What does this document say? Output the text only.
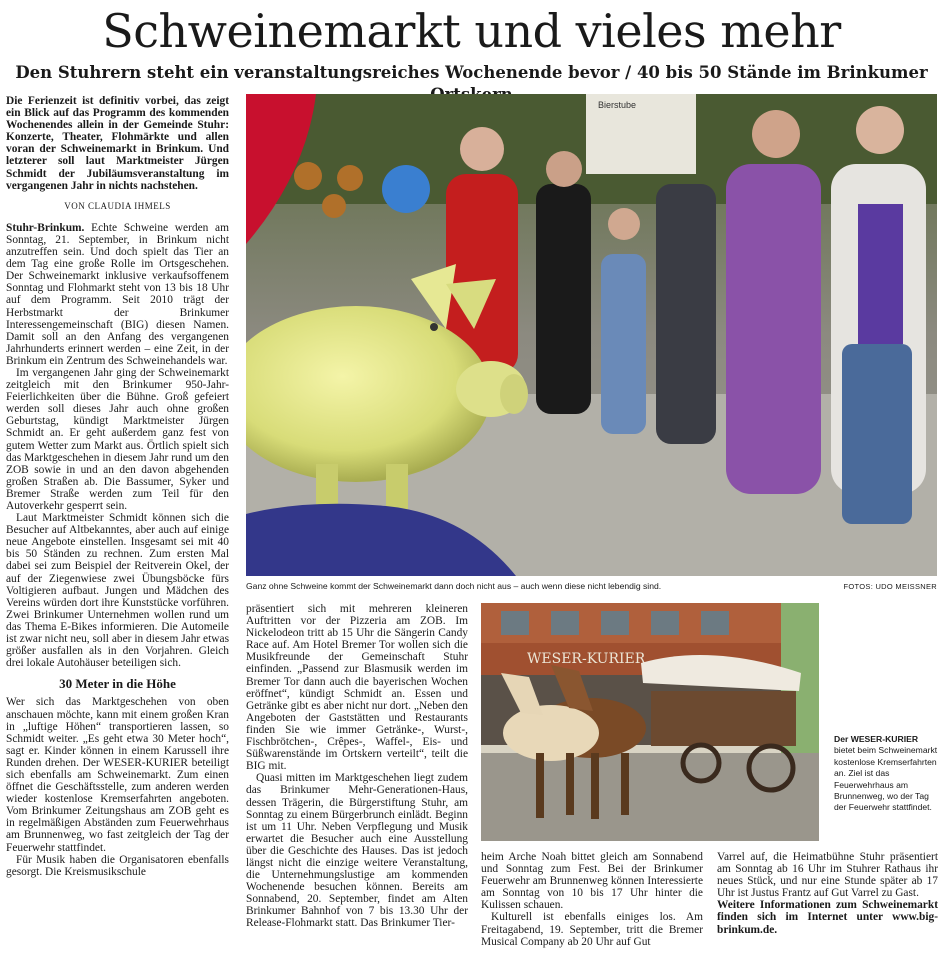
Schweinemarkt und vieles mehr
Den Stuhrern steht ein veranstaltungsreiches Wochenende bevor / 40 bis 50 Stände im Brinkumer

Die Ferienzeit ist definitiv vorbei, das zeigt ein Blick auf das Programm des kommenden Wochenendes allein in der Gemeinde Stuhr: Konzerte, Theater, Flohmärkte und allen voran der Schweinemarkt in Brinkum. Und letzterer soll laut Marktmeister Jürgen Schmidt der Jubiläumsveranstaltung im vergangenen Jahr in nichts nachstehen.

VON CLAUDIA IHMELS

Stuhr-Brinkum. Echte Schweine werden am Sonntag, 21. September, in Brinkum nicht anzutreffen sein. Und doch spielt das Tier an dem Tag eine große Rolle im Ortsgeschehen. Der Schweinemarkt inklusive verkaufsoffenem Sonntag und Flohmarkt steht von 13 bis 18 Uhr auf dem Programm. Seit 2010 trägt der Herbstmarkt der Brinkumer Interessengemeinschaft (BIG) diesen Namen. Damit soll an den Anfang des vergangenen Jahrhunderts erinnert werden – eine Zeit, in der Brinkum ein Zentrum des Schweinehandels war.

Im vergangenen Jahr ging der Schweinemarkt zeitgleich mit den Brinkumer 950-Jahr-Feierlichkeiten über die Bühne. Groß gefeiert werden soll dieses Jahr auch ohne großen Geburtstag, kündigt Marktmeister Jürgen Schmidt an. Er geht außerdem ganz fest von gutem Wetter zum Markt aus. Örtlich spielt sich das Marktgeschehen in diesem Jahr rund um den ZOB sowie in und an den davon abgehenden großen Straßen ab. Die Bassumer, Syker und Bremer Straße werden zum Teil für den Autoverkehr gesperrt sein.

Laut Marktmeister Schmidt können sich die Besucher auf Altbekanntes, aber auch auf einige neue Angebote einstellen. Insgesamt sei mit 40 bis 50 Ständen zu rechnen. Zum ersten Mal dabei sei zum Beispiel der Reitverein Okel, der auf der Ziegenwiese zwei Übungsböcke fürs Voltigieren aufbaut. Jungen und Mädchen des Vereins würden dort ihre Kunststücke vorführen. Zwei Brinkumer Unternehmen wollen rund um das Thema E-Bikes informieren. Die Automeile ist zwar nicht neu, soll aber in diesem Jahr etwas größer ausfallen als in den Vorjahren. Gleich drei lokale Autohäuser beteiligen sich.

30 Meter in die Höhe

Wer sich das Marktgeschehen von oben anschauen möchte, kann mit einem großen Kran in „luftige Höhen“ transportieren lassen, so Schmidt weiter. „Es geht etwa 30 Meter hoch“, sagt er. Kinder können in einem Karussell ihre Runden drehen. Der WESER-KURIER beteiligt sich ebenfalls am Schweinemarkt. Zum einen öffnet die Geschäftsstelle, zum anderen werden wieder kostenlose Kremserfahrten angeboten. Vom Brinkumer Zeitungshaus am ZOB geht es in regelmäßigen Abständen zum Feuerwehrhaus am Brunnenweg, wo fast zeitgleich der Tag der Feuerwehr stattfindet.

Für Musik haben die Organisatoren ebenfalls gesorgt. Die Kreismusikschule

Bierstube

Ganz ohne Schweine kommt der Schweinemarkt dann doch nicht aus – auch wenn diese nicht lebendig sind.	FOTOS: UDO MEISSNER

präsentiert sich mit mehreren kleineren Auftritten vor der Pizzeria am ZOB. Im Nickelodeon tritt ab 15 Uhr die Sängerin Candy Race auf. Am Hotel Bremer Tor wollen sich die Musikfreunde der Gemeinschaft Stuhr einfinden. „Passend zur Blasmusik werden im Bremer Tor dann auch die bayerischen Wochen eröffnet“, kündigt Schmidt an. Essen und Getränke gibt es aber nicht nur dort. „Neben den Angeboten der Gaststätten und Restaurants finden Sie wie immer Getränke-, Wurst-, Fischbrötchen-, Crêpes-, Waffel-, Eis- und Süßwarenstände im Ortskern verteilt“, teilt die BIG mit.

Quasi mitten im Marktgeschehen liegt zudem das Brinkumer Mehr-Generationen-Haus, dessen Trägerin, die Bürgerstiftung Stuhr, am Sonntag zu einem Bürgerbrunch einlädt. Beginn ist um 11 Uhr. Neben Verpflegung und Musik erwartet die Besucher auch eine Ausstellung über die Geschichte des Hauses. Das ist jedoch längst nicht die einzige weitere Veranstaltung, die Unternehmungslustige am kommenden Wochenende besuchen können. Bereits am Sonnabend, 20. September, findet am Alten Brinkumer Bahnhof von 7 bis 13.30 Uhr der Release-Flohmarkt statt. Das Brinkumer Tier-

WESER-KURIER

Der WESER-KURIER bietet beim Schweinemarkt kostenlose Kremserfahrten an. Ziel ist das Feuerwehrhaus am Brunnenweg, wo der Tag der Feuerwehr stattfindet.

heim Arche Noah bittet gleich am Sonnabend und Sonntag zum Fest. Bei der Brinkumer Feuerwehr am Brunnenweg können Interessierte am Sonntag von 10 bis 17 Uhr hinter die Kulissen schauen.

Kulturell ist ebenfalls einiges los. Am Freitagabend, 19. September, tritt die Bremer Musical Company ab 20 Uhr auf Gut

Varrel auf, die Heimatbühne Stuhr präsentiert am Sonntag ab 16 Uhr im Stuhrer Rathaus ihr neues Stück, und nur eine Stunde später ab 17 Uhr ist Justus Frantz auf Gut Varrel zu Gast.

Weitere Informationen zum Schweinemarkt finden sich im Internet unter www.big-brinkum.de.
